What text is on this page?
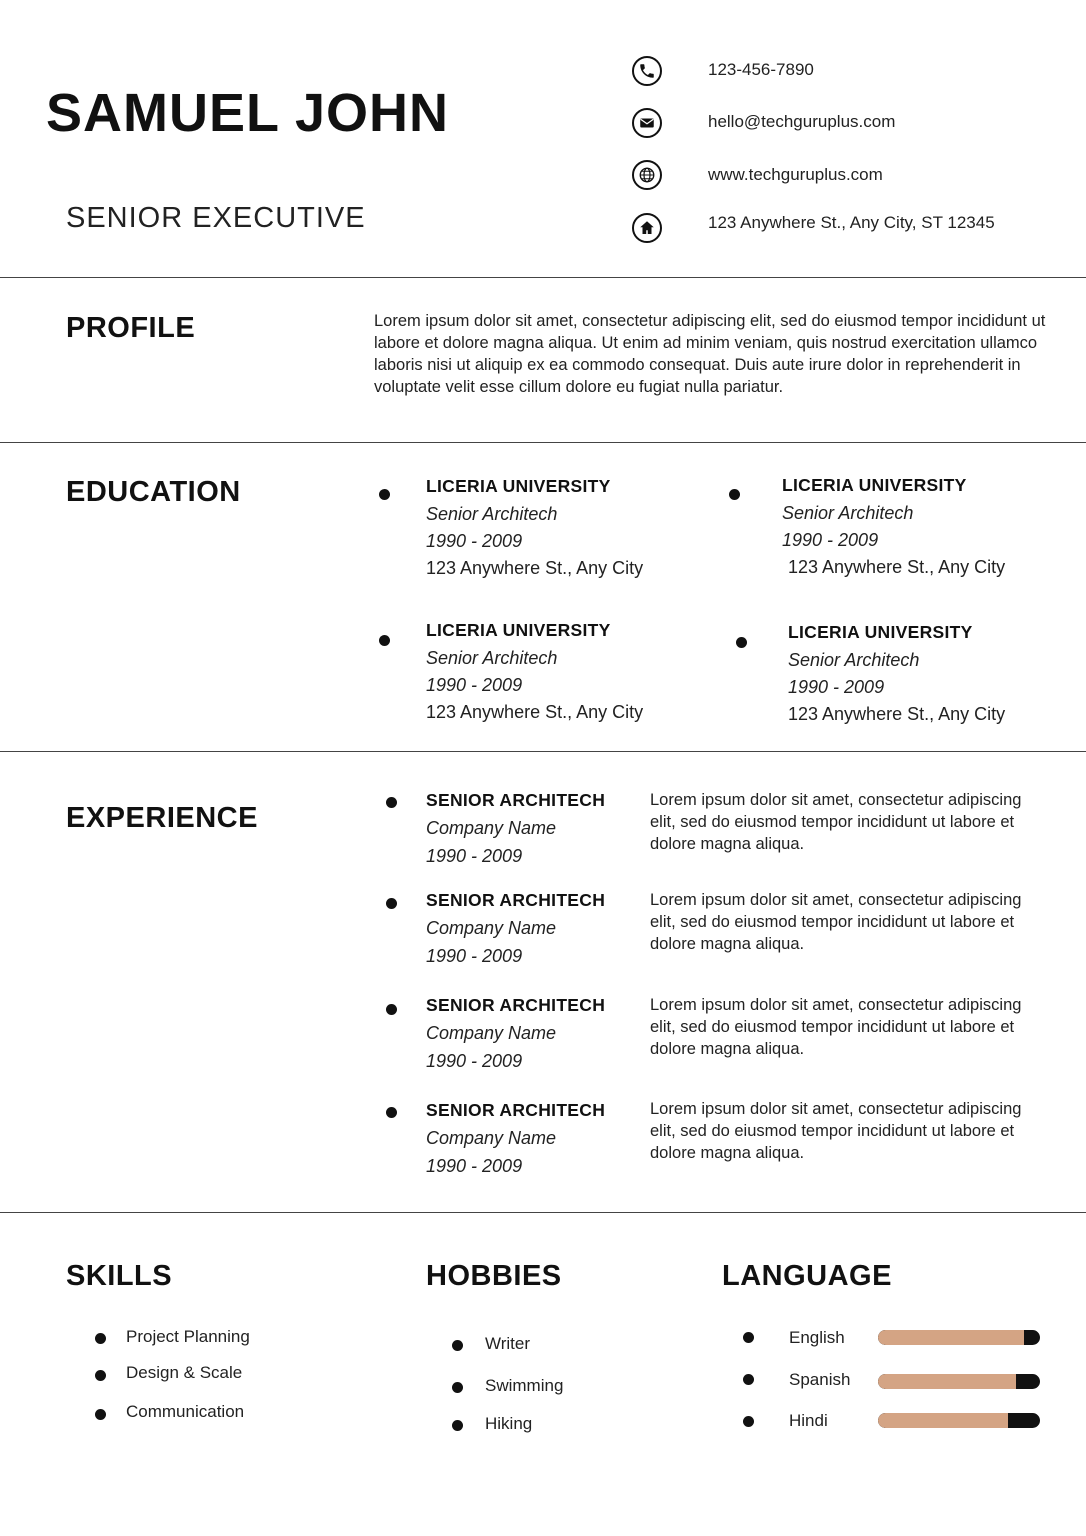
SAMUEL JOHN
SENIOR EXECUTIVE
123-456-7890
hello@techguruplus.com
www.techguruplus.com
123 Anywhere St., Any City, ST 12345
PROFILE	Lorem ipsum dolor sit amet, consectetur adipiscing elit, sed do eiusmod tempor incididunt ut labore et dolore magna aliqua. Ut enim ad minim veniam, quis nostrud exercitation ullamco laboris nisi ut aliquip ex ea commodo consequat. Duis aute irure dolor in reprehenderit in voluptate velit esse cillum dolore eu fugiat nulla pariatur.
EDUCATION	LICERIA UNIVERSITY
Senior Architech
1990 - 2009
123 Anywhere St., Any City
LICERIA UNIVERSITY
Senior Architech
1990 - 2009
123 Anywhere St., Any City
LICERIA UNIVERSITY
Senior Architech
1990 - 2009
123 Anywhere St., Any City
LICERIA UNIVERSITY
Senior Architech
1990 - 2009
123 Anywhere St., Any City
EXPERIENCE
SENIOR ARCHITECH
Company Name
1990 - 2009
Lorem ipsum dolor sit amet, consectetur adipiscing elit, sed do eiusmod tempor incididunt ut labore et dolore magna aliqua.
SENIOR ARCHITECH
Company Name
1990 - 2009
Lorem ipsum dolor sit amet, consectetur adipiscing elit, sed do eiusmod tempor incididunt ut labore et dolore magna aliqua.
SENIOR ARCHITECH
Company Name
1990 - 2009
Lorem ipsum dolor sit amet, consectetur adipiscing elit, sed do eiusmod tempor incididunt ut labore et dolore magna aliqua.
SENIOR ARCHITECH
Company Name
1990 - 2009
Lorem ipsum dolor sit amet, consectetur adipiscing elit, sed do eiusmod tempor incididunt ut labore et dolore magna aliqua.
SKILLS
Project Planning
Design & Scale
Communication
HOBBIES
Writer
Swimming
Hiking
LANGUAGE
English
Spanish
Hindi
